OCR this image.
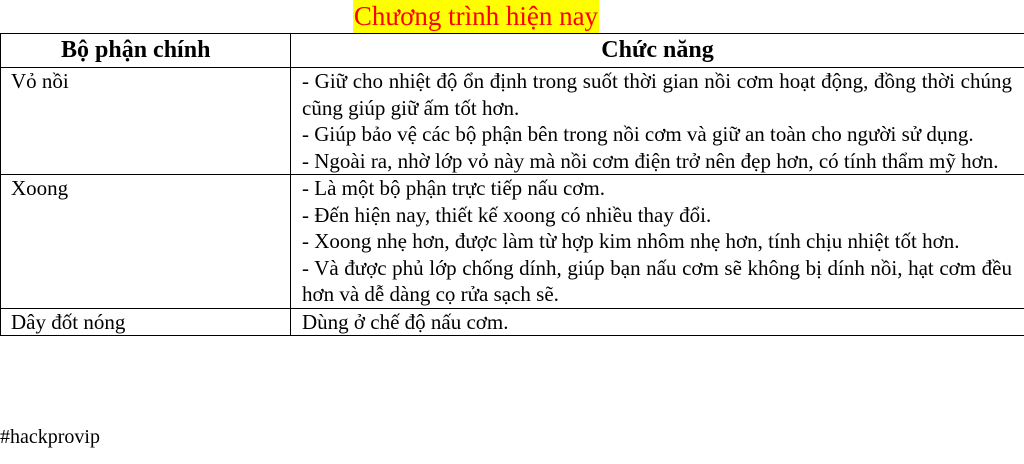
Chương trình hiện nay
Bộ phận chính	Chức năng
Vỏ nồi	- Giữ cho nhiệt độ ổn định trong suốt thời gian nồi cơm hoạt động, đồng thời chúng cũng giúp giữ ấm tốt hơn.
- Giúp bảo vệ các bộ phận bên trong nồi cơm và giữ an toàn cho người sử dụng.
- Ngoài ra, nhờ lớp vỏ này mà nồi cơm điện trở nên đẹp hơn, có tính thẩm mỹ hơn.

Xoong	- Là một bộ phận trực tiếp nấu cơm.
- Đến hiện nay, thiết kế xoong có nhiều thay đổi.
- Xoong nhẹ hơn, được làm từ hợp kim nhôm nhẹ hơn, tính chịu nhiệt tốt hơn.
- Và được phủ lớp chống dính, giúp bạn nấu cơm sẽ không bị dính nồi, hạt cơm đều hơn và dễ dàng cọ rửa sạch sẽ.

Dây đốt nóng	Dùng ở chế độ nấu cơm.
#hackprovip
